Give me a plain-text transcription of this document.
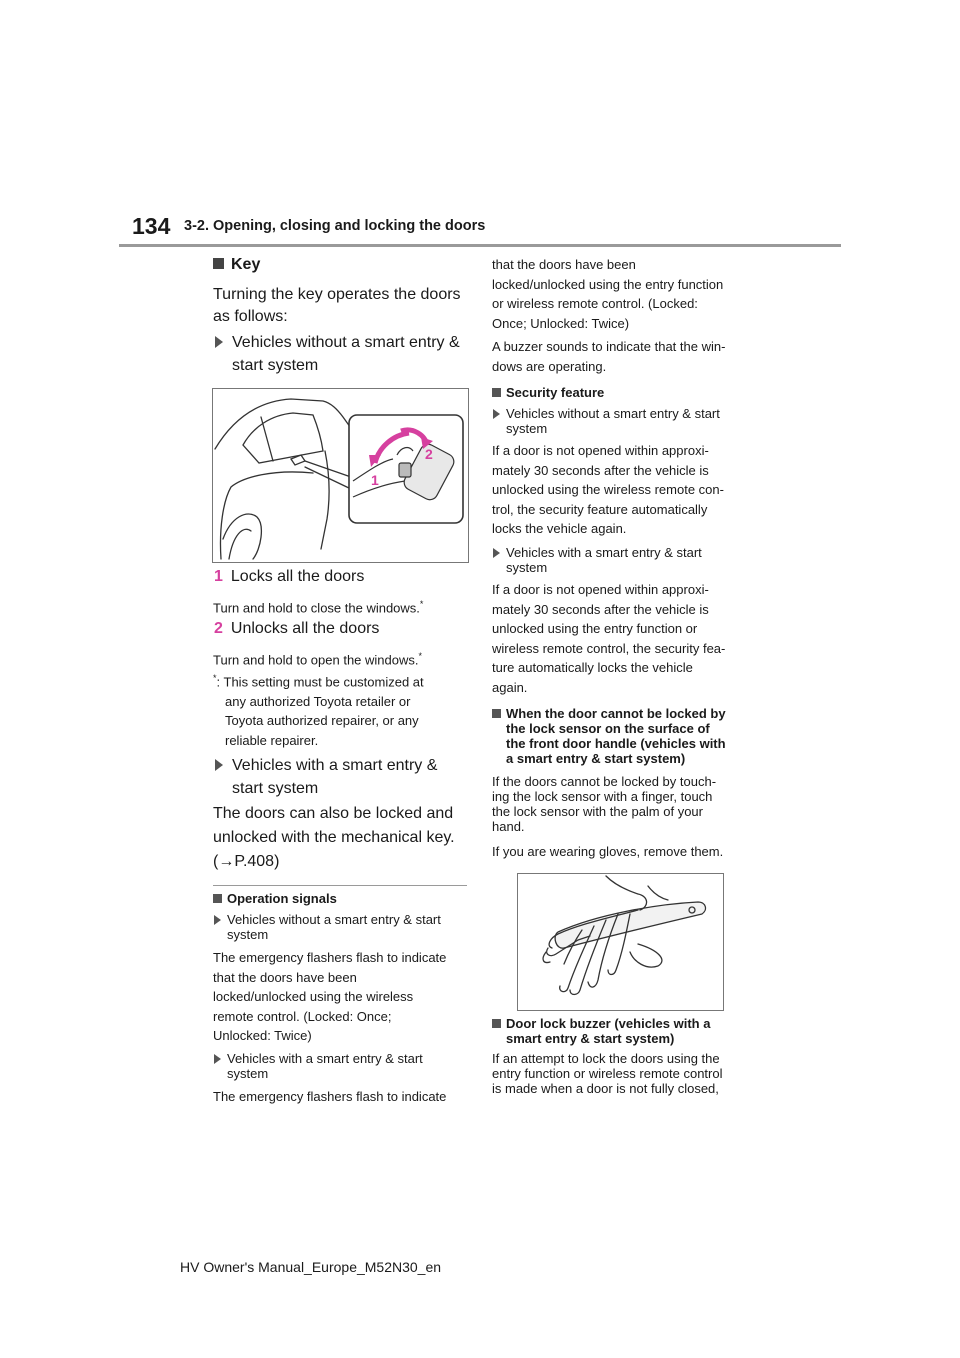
134 3-2. Opening, closing and locking the doors
Key
Turning the key operates the doors
as follows:
Vehicles without a smart entry &
start system
1
2
1 Locks all the doors
Turn and hold to close the windows.*
2 Unlocks all the doors
Turn and hold to open the windows.*
*: This setting must be customized at
any authorized Toyota retailer or
Toyota authorized repairer, or any
reliable repairer.
Vehicles with a smart entry &
start system
The doors can also be locked and
unlocked with the mechanical key.
(→P.408)
Operation signals
Vehicles without a smart entry & start
system
The emergency flashers flash to indicate
that the doors have been
locked/unlocked using the wireless
remote control. (Locked: Once;
Unlocked: Twice)
Vehicles with a smart entry & start
system
The emergency flashers flash to indicate
that the doors have been
locked/unlocked using the entry function
or wireless remote control. (Locked:
Once; Unlocked: Twice)
A buzzer sounds to indicate that the win-
dows are operating.
Security feature
Vehicles without a smart entry & start
system
If a door is not opened within approxi-
mately 30 seconds after the vehicle is
unlocked using the wireless remote con-
trol, the security feature automatically
locks the vehicle again.
Vehicles with a smart entry & start
system
If a door is not opened within approxi-
mately 30 seconds after the vehicle is
unlocked using the entry function or
wireless remote control, the security fea-
ture automatically locks the vehicle
again.
When the door cannot be locked by
the lock sensor on the surface of
the front door handle (vehicles with
a smart entry & start system)
If the doors cannot be locked by touch-
ing the lock sensor with a finger, touch
the lock sensor with the palm of your
hand.
If you are wearing gloves, remove them.
Door lock buzzer (vehicles with a
smart entry & start system)
If an attempt to lock the doors using the
entry function or wireless remote control
is made when a door is not fully closed,
HV Owner's Manual_Europe_M52N30_en
